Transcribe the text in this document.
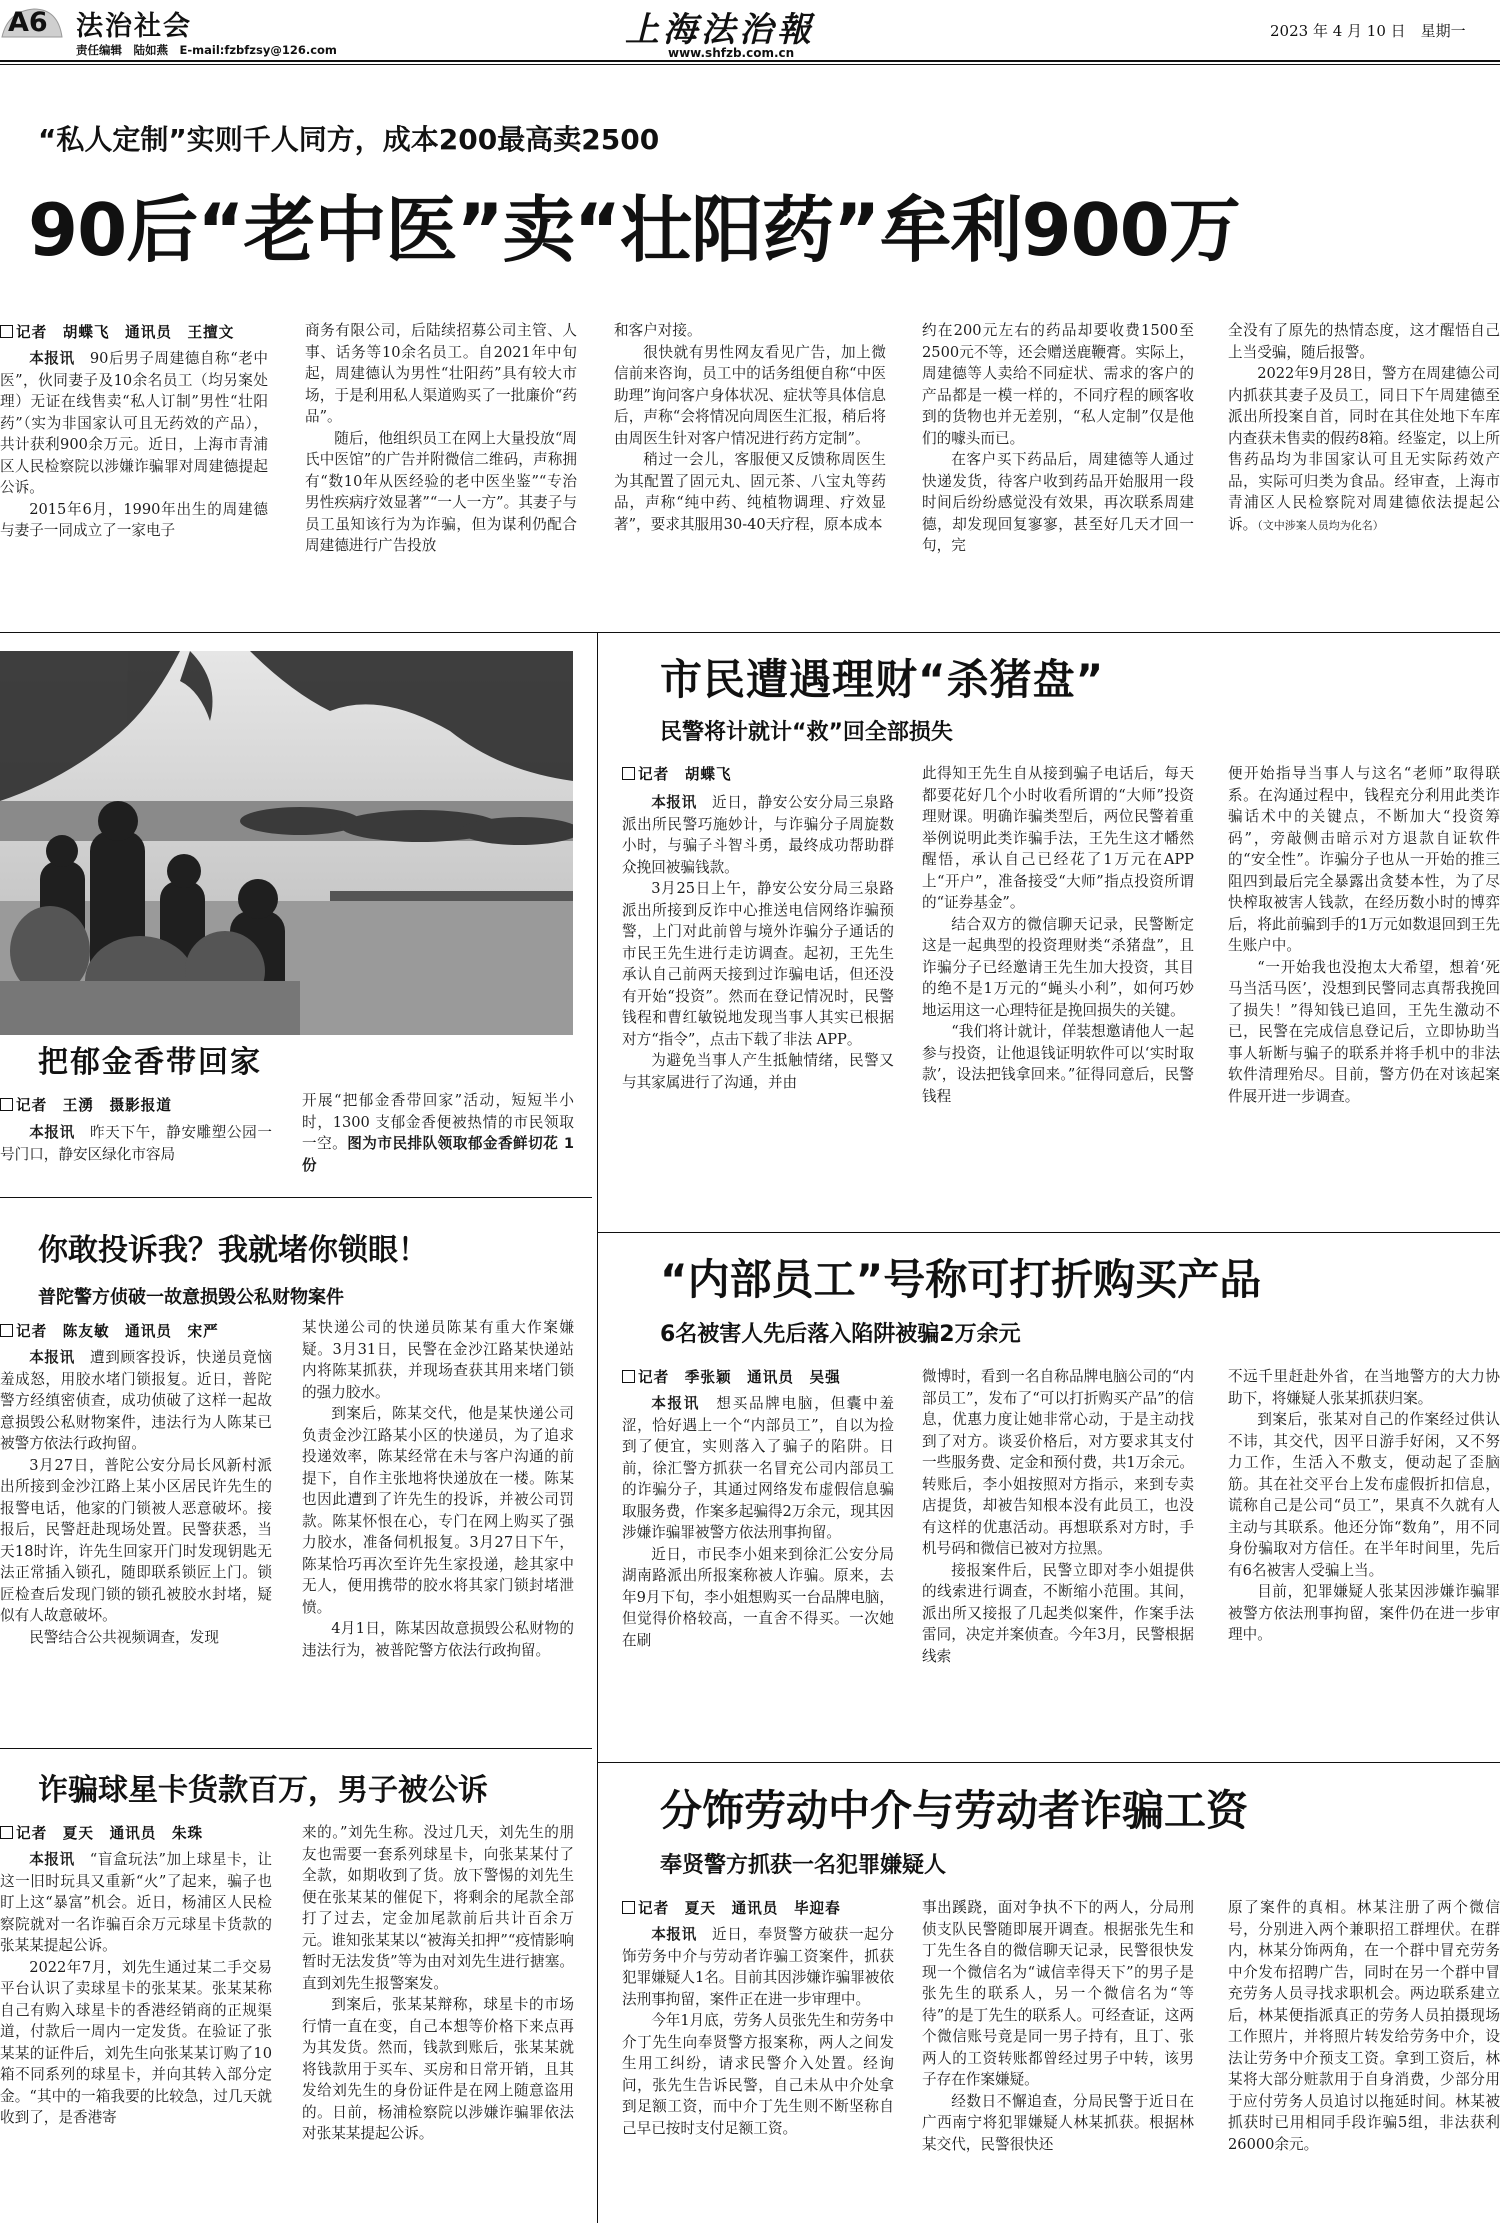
A6 法治社会
责任编辑　陆如燕　E-mail:fzbfzsy@126.com	上海法治報
www.shfzb.com.cn
2023 年 4 月 10 日　星期一
“私人定制”实则千人同方，成本200最高卖2500
90后“老中医”卖“壮阳药”牟利900万
记者　胡蝶飞　通讯员　王擅文

本报讯　90后男子周建德自称“老中医”，伙同妻子及10余名员工（均另案处理）无证在线售卖“私人订制”男性“壮阳药”（实为非国家认可且无药效的产品），共计获利900余万元。近日，上海市青浦区人民检察院以涉嫌诈骗罪对周建德提起公诉。

2015年6月，1990年出生的周建德与妻子一同成立了一家电子

商务有限公司，后陆续招募公司主管、人事、话务等10余名员工。自2021年中旬起，周建德认为男性“壮阳药”具有较大市场，于是利用私人渠道购买了一批廉价“药品”。

随后，他组织员工在网上大量投放“周氏中医馆”的广告并附微信二维码，声称拥有“数10年从医经验的老中医坐鉴”“专治男性疾病疗效显著”“一人一方”。其妻子与员工虽知该行为为诈骗，但为谋利仍配合周建德进行广告投放

和客户对接。

很快就有男性网友看见广告，加上微信前来咨询，员工中的话务组便自称“中医助理”询问客户身体状况、症状等具体信息后，声称“会将情况向周医生汇报，稍后将由周医生针对客户情况进行药方定制”。

稍过一会儿，客服便又反馈称周医生为其配置了固元丸、固元茶、八宝丸等药品，声称“纯中药、纯植物调理、疗效显著”，要求其服用30-40天疗程，原本成本

约在200元左右的药品却要收费1500至2500元不等，还会赠送鹿鞭膏。实际上，周建德等人卖给不同症状、需求的客户的产品都是一模一样的，不同疗程的顾客收到的货物也并无差别，“私人定制”仅是他们的噱头而已。

在客户买下药品后，周建德等人通过快递发货，待客户收到药品开始服用一段时间后纷纷感觉没有效果，再次联系周建德，却发现回复寥寥，甚至好几天才回一句，完

全没有了原先的热情态度，这才醒悟自己上当受骗，随后报警。

2022年9月28日，警方在周建德公司内抓获其妻子及员工，同日下午周建德至派出所投案自首，同时在其住处地下车库内查获未售卖的假药8箱。经鉴定，以上所售药品均为非国家认可且无实际药效产品，实际可归类为食品。经审查，上海市青浦区人民检察院对周建德依法提起公诉。（文中涉案人员均为化名）

把郁金香带回家
记者　王湧　摄影报道

本报讯　昨天下午，静安雕塑公园一号门口，静安区绿化市容局

开展“把郁金香带回家”活动，短短半小时，1300 支郁金香便被热情的市民领取一空。图为市民排队领取郁金香鲜切花 1 份

市民遭遇理财“杀猪盘”
民警将计就计“救”回全部损失
记者　胡蝶飞

本报讯　近日，静安公安分局三泉路派出所民警巧施妙计，与诈骗分子周旋数小时，与骗子斗智斗勇，最终成功帮助群众挽回被骗钱款。

3月25日上午，静安公安分局三泉路派出所接到反诈中心推送电信网络诈骗预警，上门对此前曾与境外诈骗分子通话的市民王先生进行走访调查。起初，王先生承认自己前两天接到过诈骗电话，但还没有开始“投资”。然而在登记情况时，民警钱程和曹红敏锐地发现当事人其实已根据对方“指令”，点击下载了非法 APP。

为避免当事人产生抵触情绪，民警又与其家属进行了沟通，并由

此得知王先生自从接到骗子电话后，每天都要花好几个小时收看所谓的“大师”投资理财课。明确诈骗类型后，两位民警着重举例说明此类诈骗手法，王先生这才幡然醒悟，承认自己已经花了1万元在APP上“开户”，准备接受“大师”指点投资所谓的“证券基金”。

结合双方的微信聊天记录，民警断定这是一起典型的投资理财类“杀猪盘”，且诈骗分子已经邀请王先生加大投资，其目的绝不是1万元的“蝇头小利”，如何巧妙地运用这一心理特征是挽回损失的关键。

“我们将计就计，佯装想邀请他人一起参与投资，让他退钱证明软件可以‘实时取款’，设法把钱拿回来。”征得同意后，民警钱程

便开始指导当事人与这名“老师”取得联系。在沟通过程中，钱程充分利用此类诈骗话术中的关键点，不断加大“投资筹码”，旁敲侧击暗示对方退款自证软件的“安全性”。诈骗分子也从一开始的推三阻四到最后完全暴露出贪婪本性，为了尽快榨取被害人钱款，在经历数小时的博弈后，将此前骗到手的1万元如数退回到王先生账户中。

“一开始我也没抱太大希望，想着‘死马当活马医’，没想到民警同志真帮我挽回了损失！”得知钱已追回，王先生激动不已，民警在完成信息登记后，立即协助当事人斩断与骗子的联系并将手机中的非法软件清理殆尽。目前，警方仍在对该起案件展开进一步调查。

你敢投诉我？我就堵你锁眼！
普陀警方侦破一故意损毁公私财物案件
记者　陈友敏　通讯员　宋严

本报讯　遭到顾客投诉，快递员竟恼羞成怒，用胶水堵门锁报复。近日，普陀警方经缜密侦查，成功侦破了这样一起故意损毁公私财物案件，违法行为人陈某已被警方依法行政拘留。

3月27日，普陀公安分局长风新村派出所接到金沙江路上某小区居民许先生的报警电话，他家的门锁被人恶意破坏。接报后，民警赶赴现场处置。民警获悉，当天18时许，许先生回家开门时发现钥匙无法正常插入锁孔，随即联系锁匠上门。锁匠检查后发现门锁的锁孔被胶水封堵，疑似有人故意破坏。

民警结合公共视频调查，发现

某快递公司的快递员陈某有重大作案嫌疑。3月31日，民警在金沙江路某快递站内将陈某抓获，并现场查获其用来堵门锁的强力胶水。

到案后，陈某交代，他是某快递公司负责金沙江路某小区的快递员，为了追求投递效率，陈某经常在未与客户沟通的前提下，自作主张地将快递放在一楼。陈某也因此遭到了许先生的投诉，并被公司罚款。陈某怀恨在心，专门在网上购买了强力胶水，准备伺机报复。3月27日下午，陈某恰巧再次至许先生家投递，趁其家中无人，便用携带的胶水将其家门锁封堵泄愤。

4月1日，陈某因故意损毁公私财物的违法行为，被普陀警方依法行政拘留。

“内部员工”号称可打折购买产品
6名被害人先后落入陷阱被骗2万余元
记者　季张颖　通讯员　吴强

本报讯　想买品牌电脑，但囊中羞涩，恰好遇上一个“内部员工”，自以为捡到了便宜，实则落入了骗子的陷阱。日前，徐汇警方抓获一名冒充公司内部员工的诈骗分子，其通过网络发布虚假信息骗取服务费，作案多起骗得2万余元，现其因涉嫌诈骗罪被警方依法刑事拘留。

近日，市民李小姐来到徐汇公安分局湖南路派出所报案称被人诈骗。原来，去年9月下旬，李小姐想购买一台品牌电脑，但觉得价格较高，一直舍不得买。一次她在刷

微博时，看到一名自称品牌电脑公司的“内部员工”，发布了“可以打折购买产品”的信息，优惠力度让她非常心动，于是主动找到了对方。谈妥价格后，对方要求其支付一些服务费、定金和预付费，共1万余元。转账后，李小姐按照对方指示，来到专卖店提货，却被告知根本没有此员工，也没有这样的优惠活动。再想联系对方时，手机号码和微信已被对方拉黑。

接报案件后，民警立即对李小姐提供的线索进行调查，不断缩小范围。其间，派出所又接报了几起类似案件，作案手法雷同，决定并案侦查。今年3月，民警根据线索

不远千里赶赴外省，在当地警方的大力协助下，将嫌疑人张某抓获归案。

到案后，张某对自己的作案经过供认不讳，其交代，因平日游手好闲，又不努力工作，生活入不敷支，便动起了歪脑筋。其在社交平台上发布虚假折扣信息，谎称自己是公司“员工”，果真不久就有人主动与其联系。他还分饰“数角”，用不同身份骗取对方信任。在半年时间里，先后有6名被害人受骗上当。

目前，犯罪嫌疑人张某因涉嫌诈骗罪被警方依法刑事拘留，案件仍在进一步审理中。

诈骗球星卡货款百万，男子被公诉
记者　夏天　通讯员　朱珠

本报讯　“盲盒玩法”加上球星卡，让这一旧时玩具又重新“火”了起来，骗子也盯上这“暴富”机会。近日，杨浦区人民检察院就对一名诈骗百余万元球星卡货款的张某某提起公诉。

2022年7月，刘先生通过某二手交易平台认识了卖球星卡的张某某。张某某称自己有购入球星卡的香港经销商的正规渠道，付款后一周内一定发货。在验证了张某某的证件后，刘先生向张某某订购了10箱不同系列的球星卡，并向其转入部分定金。“其中的一箱我要的比较急，过几天就收到了，是香港寄

来的。”刘先生称。没过几天，刘先生的朋友也需要一套系列球星卡，向张某某付了全款，如期收到了货。放下警惕的刘先生便在张某某的催促下，将剩余的尾款全部打了过去，定金加尾款前后共计百余万元。谁知张某某以“被海关扣押”“疫情影响暂时无法发货”等为由对刘先生进行搪塞。直到刘先生报警案发。

到案后，张某某辩称，球星卡的市场行情一直在变，自己本想等价格下来点再为其发货。然而，钱款到账后，张某某就将钱款用于买车、买房和日常开销，且其发给刘先生的身份证件是在网上随意盗用的。日前，杨浦检察院以涉嫌诈骗罪依法对张某某提起公诉。

分饰劳动中介与劳动者诈骗工资
奉贤警方抓获一名犯罪嫌疑人
记者　夏天　通讯员　毕迎春

本报讯　近日，奉贤警方破获一起分饰劳务中介与劳动者诈骗工资案件，抓获犯罪嫌疑人1名。目前其因涉嫌诈骗罪被依法刑事拘留，案件正在进一步审理中。

今年1月底，劳务人员张先生和劳务中介丁先生向奉贤警方报案称，两人之间发生用工纠纷，请求民警介入处置。经询问，张先生告诉民警，自己未从中介处拿到足额工资，而中介丁先生则不断坚称自己早已按时支付足额工资。

事出蹊跷，面对争执不下的两人，分局刑侦支队民警随即展开调查。根据张先生和丁先生各自的微信聊天记录，民警很快发现一个微信名为“诚信幸得天下”的男子是张先生的联系人，另一个微信名为“等待”的是丁先生的联系人。可经查证，这两个微信账号竟是同一男子持有，且丁、张两人的工资转账都曾经过男子中转，该男子存在作案嫌疑。

经数日不懈追查，分局民警于近日在广西南宁将犯罪嫌疑人林某抓获。根据林某交代，民警很快还

原了案件的真相。林某注册了两个微信号，分别进入两个兼职招工群埋伏。在群内，林某分饰两角，在一个群中冒充劳务中介发布招聘广告，同时在另一个群中冒充劳务人员寻找求职机会。两边联系建立后，林某便指派真正的劳务人员拍摄现场工作照片，并将照片转发给劳务中介，设法让劳务中介预支工资。拿到工资后，林某将大部分赃款用于自身消费，少部分用于应付劳务人员追讨以拖延时间。林某被抓获时已用相同手段诈骗5组，非法获利26000余元。
